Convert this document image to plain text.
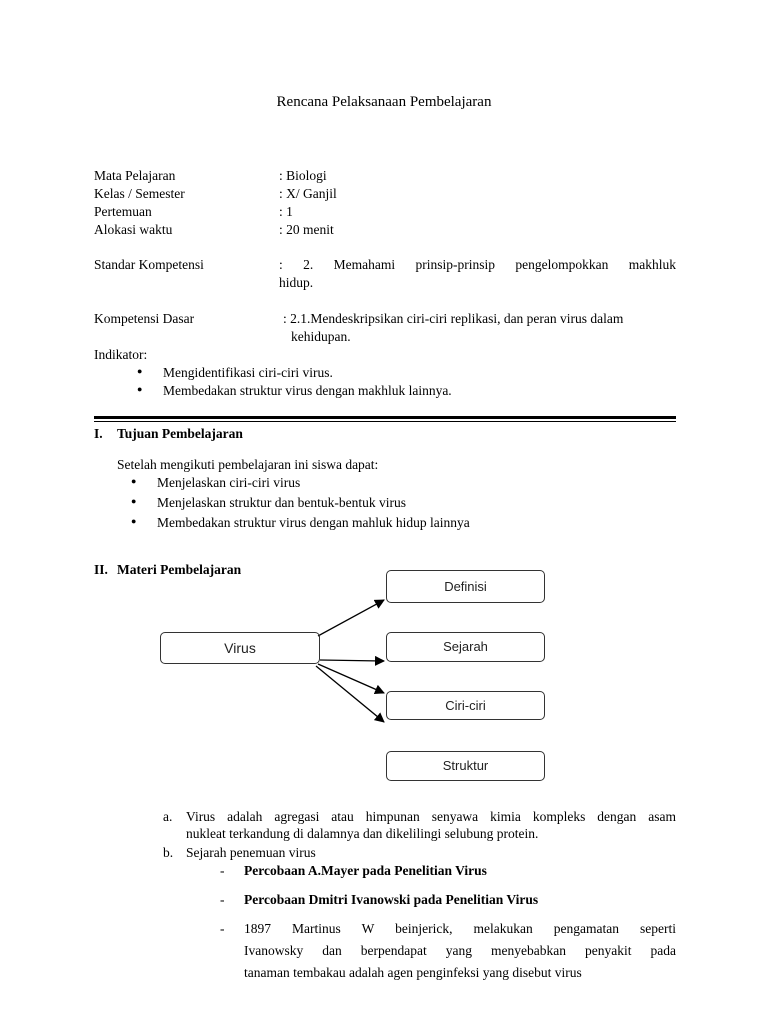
Rencana Pelaksanaan Pembelajaran
Mata Pelajaran	: Biologi
Kelas / Semester	: X/ Ganjil
Pertemuan	: 1
Alokasi waktu	: 20 menit
Standar Kompetensi	: 2. Memahami prinsip-prinsip pengelompokkan makhluk
hidup.
Kompetensi Dasar	: 2.1.Mendeskripsikan ciri-ciri replikasi, dan peran virus dalam
kehidupan.
Indikator:
● Mengidentifikasi ciri-ciri virus.
● Membedakan struktur virus dengan makhluk lainnya.
I. Tujuan Pembelajaran
Setelah mengikuti pembelajaran ini siswa dapat:
● Menjelaskan ciri-ciri virus
● Menjelaskan struktur dan bentuk-bentuk virus
● Membedakan struktur virus dengan mahluk hidup lainnya
II. Materi Pembelajaran
Virus
Definisi
Sejarah
Ciri-ciri
Struktur
a. Virus adalah agregasi atau himpunan senyawa kimia kompleks dengan asam
nukleat terkandung di dalamnya dan dikelilingi selubung protein.
b. Sejarah penemuan virus
- Percobaan A.Mayer pada Penelitian Virus
- Percobaan Dmitri Ivanowski pada Penelitian Virus
- 1897 Martinus W beinjerick, melakukan pengamatan seperti
Ivanowsky dan berpendapat yang menyebabkan penyakit pada
tanaman tembakau adalah agen penginfeksi yang disebut virus
